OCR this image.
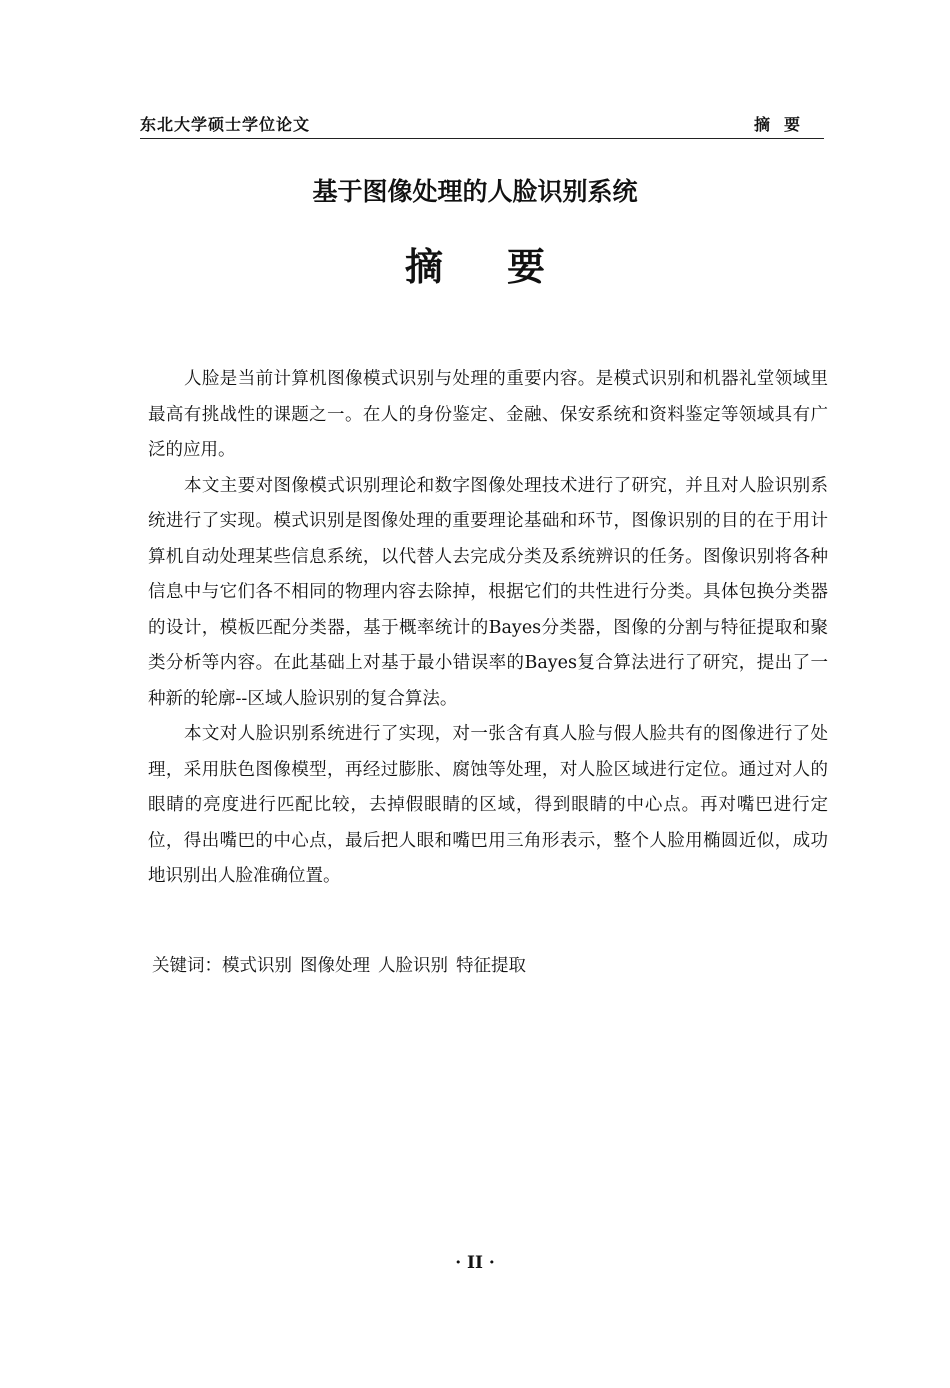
东北大学硕士学位论文	摘要
基于图像处理的人脸识别系统
摘要

人脸是当前计算机图像模式识别与处理的重要内容。是模式识别和机器礼堂领域里最高有挑战性的课题之一。在人的身份鉴定、金融、保安系统和资料鉴定等领域具有广泛的应用。

本文主要对图像模式识别理论和数字图像处理技术进行了研究，并且对人脸识别系统进行了实现。模式识别是图像处理的重要理论基础和环节，图像识别的目的在于用计算机自动处理某些信息系统，以代替人去完成分类及系统辨识的任务。图像识别将各种信息中与它们各不相同的物理内容去除掉，根据它们的共性进行分类。具体包换分类器的设计，模板匹配分类器，基于概率统计的Bayes分类器，图像的分割与特征提取和聚类分析等内容。在此基础上对基于最小错误率的Bayes复合算法进行了研究，提出了一种新的轮廓--区域人脸识别的复合算法。

本文对人脸识别系统进行了实现，对一张含有真人脸与假人脸共有的图像进行了处理，采用肤色图像模型，再经过膨胀、腐蚀等处理，对人脸区域进行定位。通过对人的眼睛的亮度进行匹配比较，去掉假眼睛的区域，得到眼睛的中心点。再对嘴巴进行定位，得出嘴巴的中心点，最后把人眼和嘴巴用三角形表示，整个人脸用椭圆近似，成功地识别出人脸准确位置。

关键词：模式识别 图像处理 人脸识别 特征提取
· II ·
